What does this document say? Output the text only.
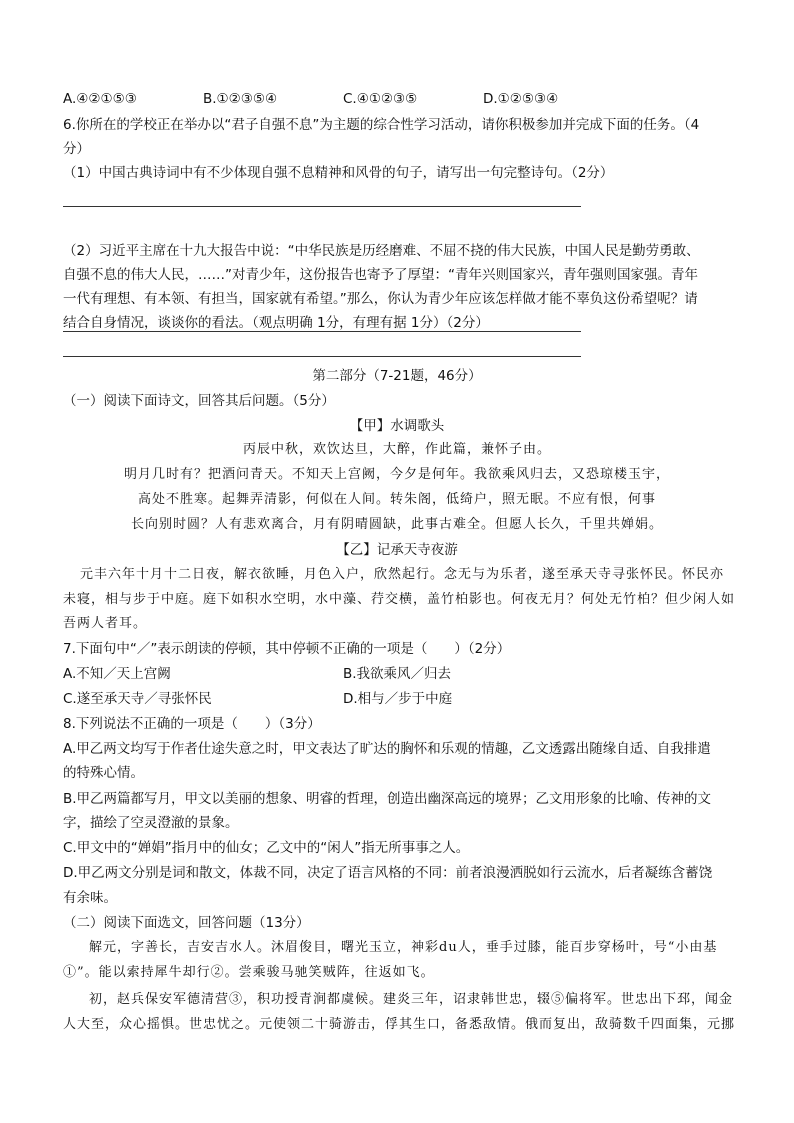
A.④②①⑤③	B.①②③⑤④	C.④①②③⑤	D.①②⑤③④
6.你所在的学校正在举办以“君子自强不息”为主题的综合性学习活动，请你积极参加并完成下面的任务。（4
分）
（1）中国古典诗词中有不少体现自强不息精神和风骨的句子，请写出一句完整诗句。（2分）
（2）习近平主席在十九大报告中说：“中华民族是历经磨难、不屈不挠的伟大民族，中国人民是勤劳勇敢、
自强不息的伟大人民，……”对青少年，这份报告也寄予了厚望：“青年兴则国家兴，青年强则国家强。青年
一代有理想、有本领、有担当，国家就有希望。”那么，你认为青少年应该怎样做才能不辜负这份希望呢？请
结合自身情况，谈谈你的看法。（观点明确 1分，有理有据 1分）（2分）
第二部分（7-21题，46分）
（一）阅读下面诗文，回答其后问题。（5分）
【甲】水调歌头
丙辰中秋，欢饮达旦，大醉，作此篇，兼怀子由。
明月几时有？把酒问青天。不知天上宫阙，今夕是何年。我欲乘风归去，又恐琼楼玉宇，
高处不胜寒。起舞弄清影，何似在人间。转朱阁，低绮户，照无眠。不应有恨，何事
长向别时圆？人有悲欢离合，月有阴晴圆缺，此事古难全。但愿人长久，千里共婵娟。
【乙】记承天寺夜游
元丰六年十月十二日夜，解衣欲睡，月色入户，欣然起行。念无与为乐者，遂至承天寺寻张怀民。怀民亦
未寝，相与步于中庭。庭下如积水空明，水中藻、荇交横，盖竹柏影也。何夜无月？何处无竹柏？但少闲人如
吾两人者耳。
7.下面句中“／”表示朗读的停顿，其中停顿不正确的一项是（　　）（2分）
A.不知／天上宫阙	B.我欲乘风／归去
C.遂至承天寺／寻张怀民	D.相与／步于中庭
8.下列说法不正确的一项是（　　）（3分）
A.甲乙两文均写于作者仕途失意之时，甲文表达了旷达的胸怀和乐观的情趣，乙文透露出随缘自适、自我排遣
的特殊心情。
B.甲乙两篇都写月，甲文以美丽的想象、明睿的哲理，创造出幽深高远的境界；乙文用形象的比喻、传神的文
字，描绘了空灵澄澈的景象。
C.甲文中的“婵娟”指月中的仙女；乙文中的“闲人”指无所事事之人。
D.甲乙两文分别是词和散文，体裁不同，决定了语言风格的不同：前者浪漫洒脱如行云流水，后者凝练含蓄饶
有余味。
（二）阅读下面选文，回答问题（13分）
解元，字善长，吉安吉水人。沐眉俊目，曙光玉立，神彩du人，垂手过膝，能百步穿杨叶，号“小由基
①”。能以索持犀牛却行②。尝乘骏马驰笑贼阵，往返如飞。
初，赵兵保安军德清营③，积功授青涧都虞候。建炎三年，诏隶韩世忠，辍⑤偏将军。世忠出下邳，闻金
人大至，众心摇惧。世忠忧之。元使领二十骑游击，俘其生口，备悉敌情。俄而复出，敌骑数千四面集，元挪
